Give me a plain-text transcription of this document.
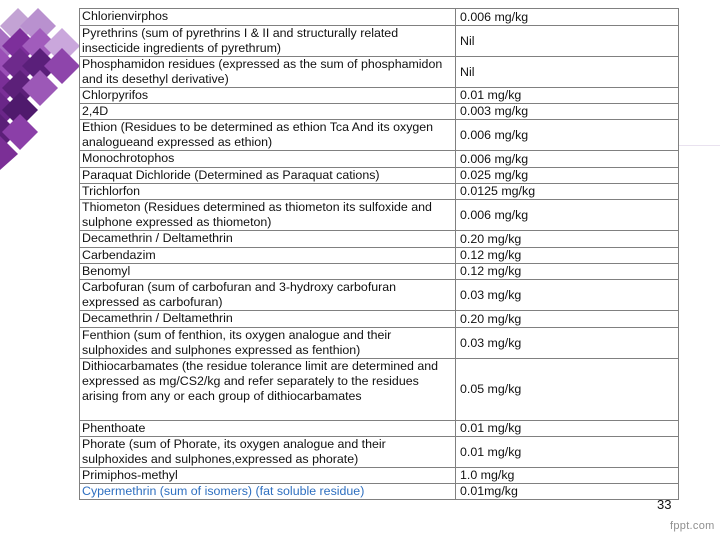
Chlorienvirphos	0.006 mg/kg
Pyrethrins (sum of pyrethrins I & II and structurally related insecticide ingredients of pyrethrum)	Nil
Phosphamidon residues (expressed as the sum of phosphamidon and its desethyl derivative)	Nil
Chlorpyrifos	0.01 mg/kg
2,4D	0.003 mg/kg
Ethion (Residues to be determined as ethion Tca And its oxygen analogueand expressed as ethion)	0.006 mg/kg
Monochrotophos	0.006 mg/kg
Paraquat Dichloride (Determined as Paraquat cations)	0.025 mg/kg
Trichlorfon	0.0125 mg/kg
Thiometon (Residues determined as thiometon its sulfoxide and sulphone expressed as thiometon)	0.006 mg/kg
Decamethrin / Deltamethrin	0.20 mg/kg
Carbendazim	0.12 mg/kg
Benomyl	0.12 mg/kg
Carbofuran (sum of carbofuran and 3-hydroxy carbofuran expressed as carbofuran)	0.03 mg/kg
Decamethrin / Deltamethrin	0.20 mg/kg
Fenthion (sum of fenthion, its oxygen analogue and their sulphoxides and sulphones expressed as fenthion)	0.03 mg/kg
Dithiocarbamates (the residue tolerance limit are determined and expressed as mg/CS2/kg and refer separately to the residues arising from any or each group of dithiocarbamates	0.05 mg/kg
Phenthoate	0.01 mg/kg
Phorate (sum of Phorate, its oxygen analogue and their sulphoxides and sulphones,expressed as phorate)	0.01 mg/kg
Primiphos-methyl	1.0 mg/kg
Cypermethrin (sum of isomers) (fat soluble residue)	0.01mg/kg
33
fppt.com
